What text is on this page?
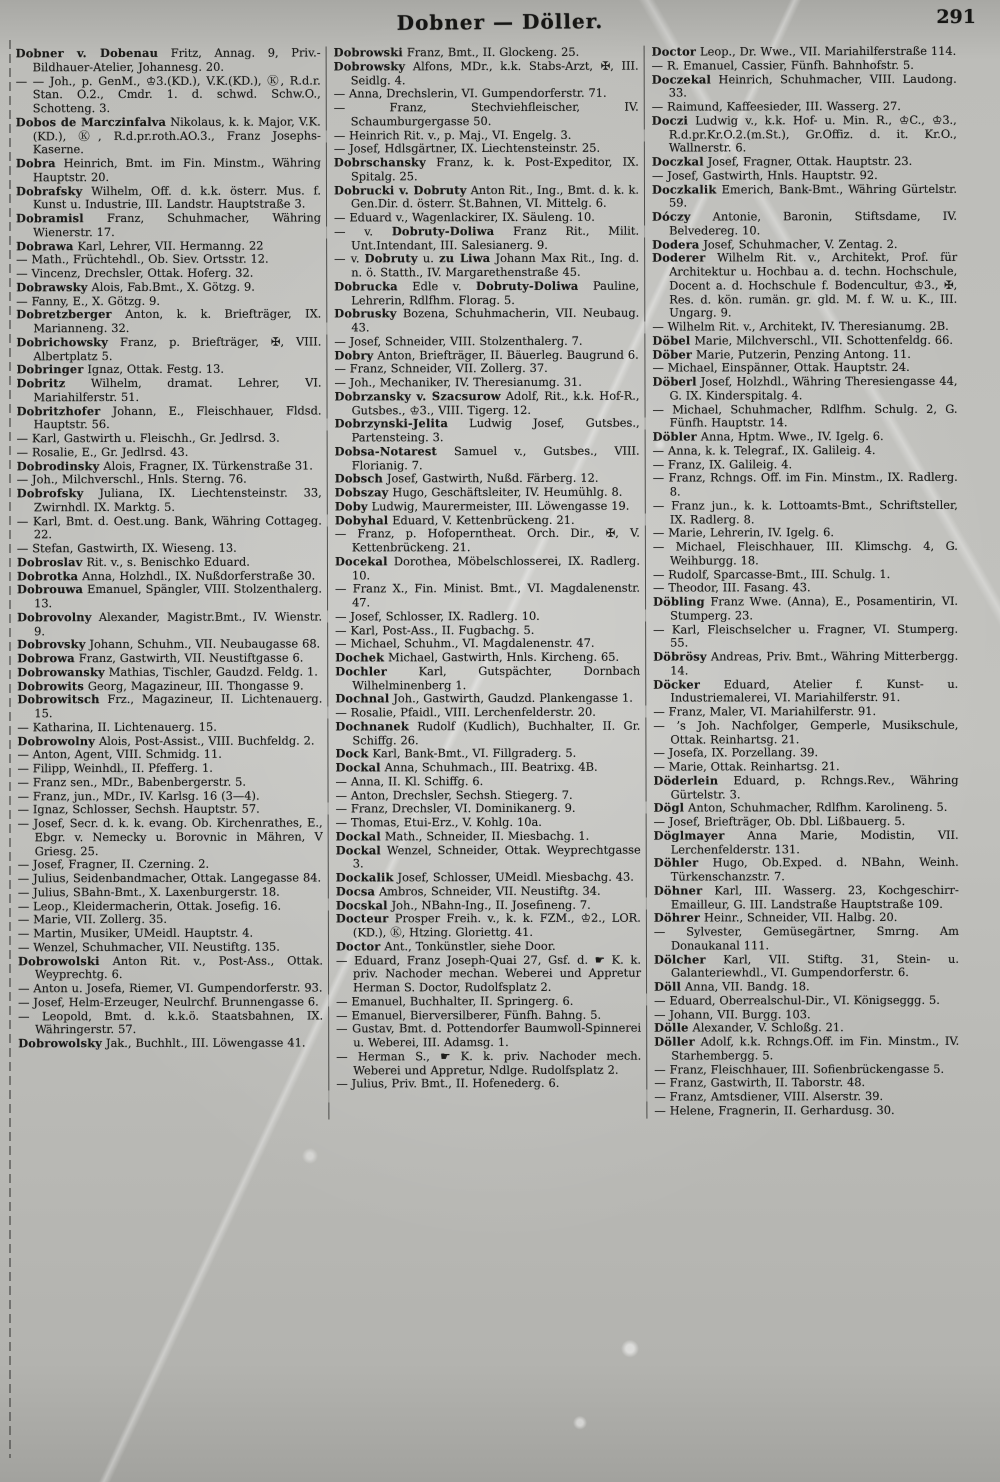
Dobner — Döller.	291
Dobner v. Dobenau Fritz, Annag. 9, Priv.-Bildhauer-Atelier, Johannesg. 20.
— — Joh., p. GenM., ♔3.(KD.), V.K.(KD.), Ⓚ, R.d.r. Stan. O.2., Cmdr. 1. d. schwd. Schw.O., Schotteng. 3.
Dobos de Marczinfalva Nikolaus, k. k. Major, V.K. (KD.), Ⓚ, R.d.pr.roth.AO.3., Franz Josephs-Kaserne.
Dobra Heinrich, Bmt. im Fin. Minstm., Währing Hauptstr. 20.
Dobrafsky Wilhelm, Off. d. k.k. österr. Mus. f. Kunst u. Industrie, III. Landstr. Hauptstraße 3.
Dobramisl Franz, Schuhmacher, Währing Wienerstr. 17.
Dobrawa Karl, Lehrer, VII. Hermanng. 22
— Math., Früchtehdl., Ob. Siev. Ortsstr. 12.
— Vincenz, Drechsler, Ottak. Hoferg. 32.
Dobrawsky Alois, Fab.Bmt., X. Götzg. 9.
— Fanny, E., X. Götzg. 9.
Dobretzberger Anton, k. k. Briefträger, IX. Marianneng. 32.
Dobrichowsky Franz, p. Briefträger, ✠, VIII. Albertplatz 5.
Dobringer Ignaz, Ottak. Festg. 13.
Dobritz Wilhelm, dramat. Lehrer, VI. Mariahilferstr. 51.
Dobritzhofer Johann, E., Fleischhauer, Fldsd. Hauptstr. 56.
— Karl, Gastwirth u. Fleischh., Gr. Jedlrsd. 3.
— Rosalie, E., Gr. Jedlrsd. 43.
Dobrodinsky Alois, Fragner, IX. Türkenstraße 31.
— Joh., Milchverschl., Hnls. Sterng. 76.
Dobrofsky Juliana, IX. Liechtensteinstr. 33, Zwirnhdl. IX. Marktg. 5.
— Karl, Bmt. d. Oest.ung. Bank, Währing Cottageg. 22.
— Stefan, Gastwirth, IX. Wieseng. 13.
Dobroslav Rit. v., s. Benischko Eduard.
Dobrotka Anna, Holzhdl., IX. Nußdorferstraße 30.
Dobrouwa Emanuel, Spängler, VIII. Stolzenthalerg. 13.
Dobrovolny Alexander, Magistr.Bmt., IV. Wienstr. 9.
Dobrovsky Johann, Schuhm., VII. Neubaugasse 68.
Dobrowa Franz, Gastwirth, VII. Neustiftgasse 6.
Dobrowansky Mathias, Tischler, Gaudzd. Feldg. 1.
Dobrowits Georg, Magazineur, III. Thongasse 9.
Dobrowitsch Frz., Magazineur, II. Lichtenauerg. 15.
— Katharina, II. Lichtenauerg. 15.
Dobrowolny Alois, Post-Assist., VIII. Buchfeldg. 2.
— Anton, Agent, VIII. Schmidg. 11.
— Filipp, Weinhdl., II. Pfefferg. 1.
— Franz sen., MDr., Babenbergerstr. 5.
— Franz, jun., MDr., IV. Karlsg. 16 (3—4).
— Ignaz, Schlosser, Sechsh. Hauptstr. 57.
— Josef, Secr. d. k. k. evang. Ob. Kirchenrathes, E., Ebgr. v. Nemecky u. Borovnic in Mähren, V Griesg. 25.
— Josef, Fragner, II. Czerning. 2.
— Julius, Seidenbandmacher, Ottak. Langegasse 84.
— Julius, SBahn-Bmt., X. Laxenburgerstr. 18.
— Leop., Kleidermacherin, Ottak. Josefig. 16.
— Marie, VII. Zollerg. 35.
— Martin, Musiker, UMeidl. Hauptstr. 4.
— Wenzel, Schuhmacher, VII. Neustiftg. 135.
Dobrowolski Anton Rit. v., Post-Ass., Ottak. Weyprechtg. 6.
— Anton u. Josefa, Riemer, VI. Gumpendorferstr. 93.
— Josef, Helm-Erzeuger, Neulrchf. Brunnengasse 6.
— Leopold, Bmt. d. k.k.ö. Staatsbahnen, IX. Währingerstr. 57.
Dobrowolsky Jak., Buchhlt., III. Löwengasse 41.
Dobrowski Franz, Bmt., II. Glockeng. 25.
Dobrowsky Alfons, MDr., k.k. Stabs-Arzt, ✠, III. Seidlg. 4.
— Anna, Drechslerin, VI. Gumpendorferstr. 71.
— Franz, Stechviehfleischer, IV. Schaumburgergasse 50.
— Heinrich Rit. v., p. Maj., VI. Engelg. 3.
— Josef, Hdlsgärtner, IX. Liechtensteinstr. 25.
Dobrschansky Franz, k. k. Post-Expeditor, IX. Spitalg. 25.
Dobrucki v. Dobruty Anton Rit., Ing., Bmt. d. k. k. Gen.Dir. d. österr. St.Bahnen, VI. Mittelg. 6.
— Eduard v., Wagenlackirer, IX. Säuleng. 10.
— v. Dobruty-Doliwa Franz Rit., Milit. Unt.Intendant, III. Salesianerg. 9.
— v. Dobruty u. zu Liwa Johann Max Rit., Ing. d. n. ö. Statth., IV. Margarethenstraße 45.
Dobrucka Edle v. Dobruty-Doliwa Pauline, Lehrerin, Rdlfhm. Florag. 5.
Dobrusky Bozena, Schuhmacherin, VII. Neubaug. 43.
— Josef, Schneider, VIII. Stolzenthalerg. 7.
Dobry Anton, Briefträger, II. Bäuerleg. Baugrund 6.
— Franz, Schneider, VII. Zollerg. 37.
— Joh., Mechaniker, IV. Theresianumg. 31.
Dobrzansky v. Szacsurow Adolf, Rit., k.k. Hof-R., Gutsbes., ♔3., VIII. Tigerg. 12.
Dobrzynski-Jelita Ludwig Josef, Gutsbes., Partensteing. 3.
Dobsa-Notarest Samuel v., Gutsbes., VIII. Florianig. 7.
Dobsch Josef, Gastwirth, Nußd. Färberg. 12.
Dobszay Hugo, Geschäftsleiter, IV. Heumühlg. 8.
Doby Ludwig, Maurermeister, III. Löwengasse 19.
Dobyhal Eduard, V. Kettenbrückeng. 21.
— Franz, p. Hofoperntheat. Orch. Dir., ✠, V. Kettenbrückeng. 21.
Docekal Dorothea, Möbelschlosserei, IX. Radlerg. 10.
— Franz X., Fin. Minist. Bmt., VI. Magdalenenstr. 47.
— Josef, Schlosser, IX. Radlerg. 10.
— Karl, Post-Ass., II. Fugbachg. 5.
— Michael, Schuhm., VI. Magdalenenstr. 47.
Dochek Michael, Gastwirth, Hnls. Kircheng. 65.
Dochler Karl, Gutspächter, Dornbach Wilhelminenberg 1.
Dochnal Joh., Gastwirth, Gaudzd. Plankengasse 1.
— Rosalie, Pfaidl., VIII. Lerchenfelderstr. 20.
Dochnanek Rudolf (Kudlich), Buchhalter, II. Gr. Schiffg. 26.
Dock Karl, Bank-Bmt., VI. Fillgraderg. 5.
Dockal Anna, Schuhmach., III. Beatrixg. 4B.
— Anna, II. Kl. Schiffg. 6.
— Anton, Drechsler, Sechsh. Stiegerg. 7.
— Franz, Drechsler, VI. Dominikanerg. 9.
— Thomas, Etui-Erz., V. Kohlg. 10a.
Dockal Math., Schneider, II. Miesbachg. 1.
Dockal Wenzel, Schneider, Ottak. Weyprechtgasse 3.
Dockalik Josef, Schlosser, UMeidl. Miesbachg. 43.
Docsa Ambros, Schneider, VII. Neustiftg. 34.
Docskal Joh., NBahn-Ing., II. Josefineng. 7.
Docteur Prosper Freih. v., k. k. FZM., ♔2., LOR. (KD.), Ⓚ, Htzing. Gloriettg. 41.
Doctor Ant., Tonkünstler, siehe Door.
— Eduard, Franz Joseph-Quai 27, Gsf. d. ☛ K. k. priv. Nachoder mechan. Weberei und Appretur Herman S. Doctor, Rudolfsplatz 2.
— Emanuel, Buchhalter, II. Springerg. 6.
— Emanuel, Bierversilberer, Fünfh. Bahng. 5.
— Gustav, Bmt. d. Pottendorfer Baumwoll-Spinnerei u. Weberei, III. Adamsg. 1.
— Herman S., ☛ K. k. priv. Nachoder mech. Weberei und Appretur, Ndlge. Rudolfsplatz 2.
— Julius, Priv. Bmt., II. Hofenederg. 6.
Doctor Leop., Dr. Wwe., VII. Mariahilferstraße 114.
— R. Emanuel, Cassier, Fünfh. Bahnhofstr. 5.
Doczekal Heinrich, Schuhmacher, VIII. Laudong. 33.
— Raimund, Kaffeesieder, III. Wasserg. 27.
Doczi Ludwig v., k.k. Hof- u. Min. R., ♔C., ♔3., R.d.pr.Kr.O.2.(m.St.), Gr.Offiz. d. it. Kr.O., Wallnerstr. 6.
Doczkal Josef, Fragner, Ottak. Hauptstr. 23.
— Josef, Gastwirth, Hnls. Hauptstr. 92.
Doczkalik Emerich, Bank-Bmt., Währing Gürtelstr. 59.
Dóczy Antonie, Baronin, Stiftsdame, IV. Belvedereg. 10.
Dodera Josef, Schuhmacher, V. Zentag. 2.
Doderer Wilhelm Rit. v., Architekt, Prof. für Architektur u. Hochbau a. d. techn. Hochschule, Docent a. d. Hochschule f. Bodencultur, ♔3., ✠, Res. d. kön. rumän. gr. gld. M. f. W. u. K., III. Ungarg. 9.
— Wilhelm Rit. v., Architekt, IV. Theresianumg. 2B.
Döbel Marie, Milchverschl., VII. Schottenfeldg. 66.
Döber Marie, Putzerin, Penzing Antong. 11.
— Michael, Einspänner, Ottak. Hauptstr. 24.
Döberl Josef, Holzhdl., Währing Theresiengasse 44, G. IX. Kinderspitalg. 4.
— Michael, Schuhmacher, Rdlfhm. Schulg. 2, G. Fünfh. Hauptstr. 14.
Döbler Anna, Hptm. Wwe., IV. Igelg. 6.
— Anna, k. k. Telegraf., IX. Galileig. 4.
— Franz, IX. Galileig. 4.
— Franz, Rchngs. Off. im Fin. Minstm., IX. Radlerg. 8.
— Franz jun., k. k. Lottoamts-Bmt., Schriftsteller, IX. Radlerg. 8.
— Marie, Lehrerin, IV. Igelg. 6.
— Michael, Fleischhauer, III. Klimschg. 4, G. Weihburgg. 18.
— Rudolf, Sparcasse-Bmt., III. Schulg. 1.
— Theodor, III. Fasang. 43.
Döbling Franz Wwe. (Anna), E., Posamentirin, VI. Stumperg. 23.
— Karl, Fleischselcher u. Fragner, VI. Stumperg. 55.
Döbrösy Andreas, Priv. Bmt., Währing Mitterbergg. 14.
Döcker Eduard, Atelier f. Kunst- u. Industriemalerei, VI. Mariahilferstr. 91.
— Franz, Maler, VI. Mariahilferstr. 91.
— ’s Joh. Nachfolger, Gemperle, Musikschule, Ottak. Reinhartsg. 21.
— Josefa, IX. Porzellang. 39.
— Marie, Ottak. Reinhartsg. 21.
Döderlein Eduard, p. Rchngs.Rev., Währing Gürtelstr. 3.
Dögl Anton, Schuhmacher, Rdlfhm. Karolineng. 5.
— Josef, Briefträger, Ob. Dbl. Lißbauerg. 5.
Döglmayer Anna Marie, Modistin, VII. Lerchenfelderstr. 131.
Döhler Hugo, Ob.Exped. d. NBahn, Weinh. Türkenschanzstr. 7.
Döhner Karl, III. Wasserg. 23, Kochgeschirr-Emailleur, G. III. Landstraße Hauptstraße 109.
Döhrer Heinr., Schneider, VII. Halbg. 20.
— Sylvester, Gemüsegärtner, Smrng. Am Donaukanal 111.
Dölcher Karl, VII. Stiftg. 31, Stein- u. Galanteriewhdl., VI. Gumpendorferstr. 6.
Döll Anna, VII. Bandg. 18.
— Eduard, Oberrealschul-Dir., VI. Königseggg. 5.
— Johann, VII. Burgg. 103.
Dölle Alexander, V. Schloßg. 21.
Döller Adolf, k.k. Rchngs.Off. im Fin. Minstm., IV. Starhembergg. 5.
— Franz, Fleischhauer, III. Sofienbrückengasse 5.
— Franz, Gastwirth, II. Taborstr. 48.
— Franz, Amtsdiener, VIII. Alserstr. 39.
— Helene, Fragnerin, II. Gerhardusg. 30.
